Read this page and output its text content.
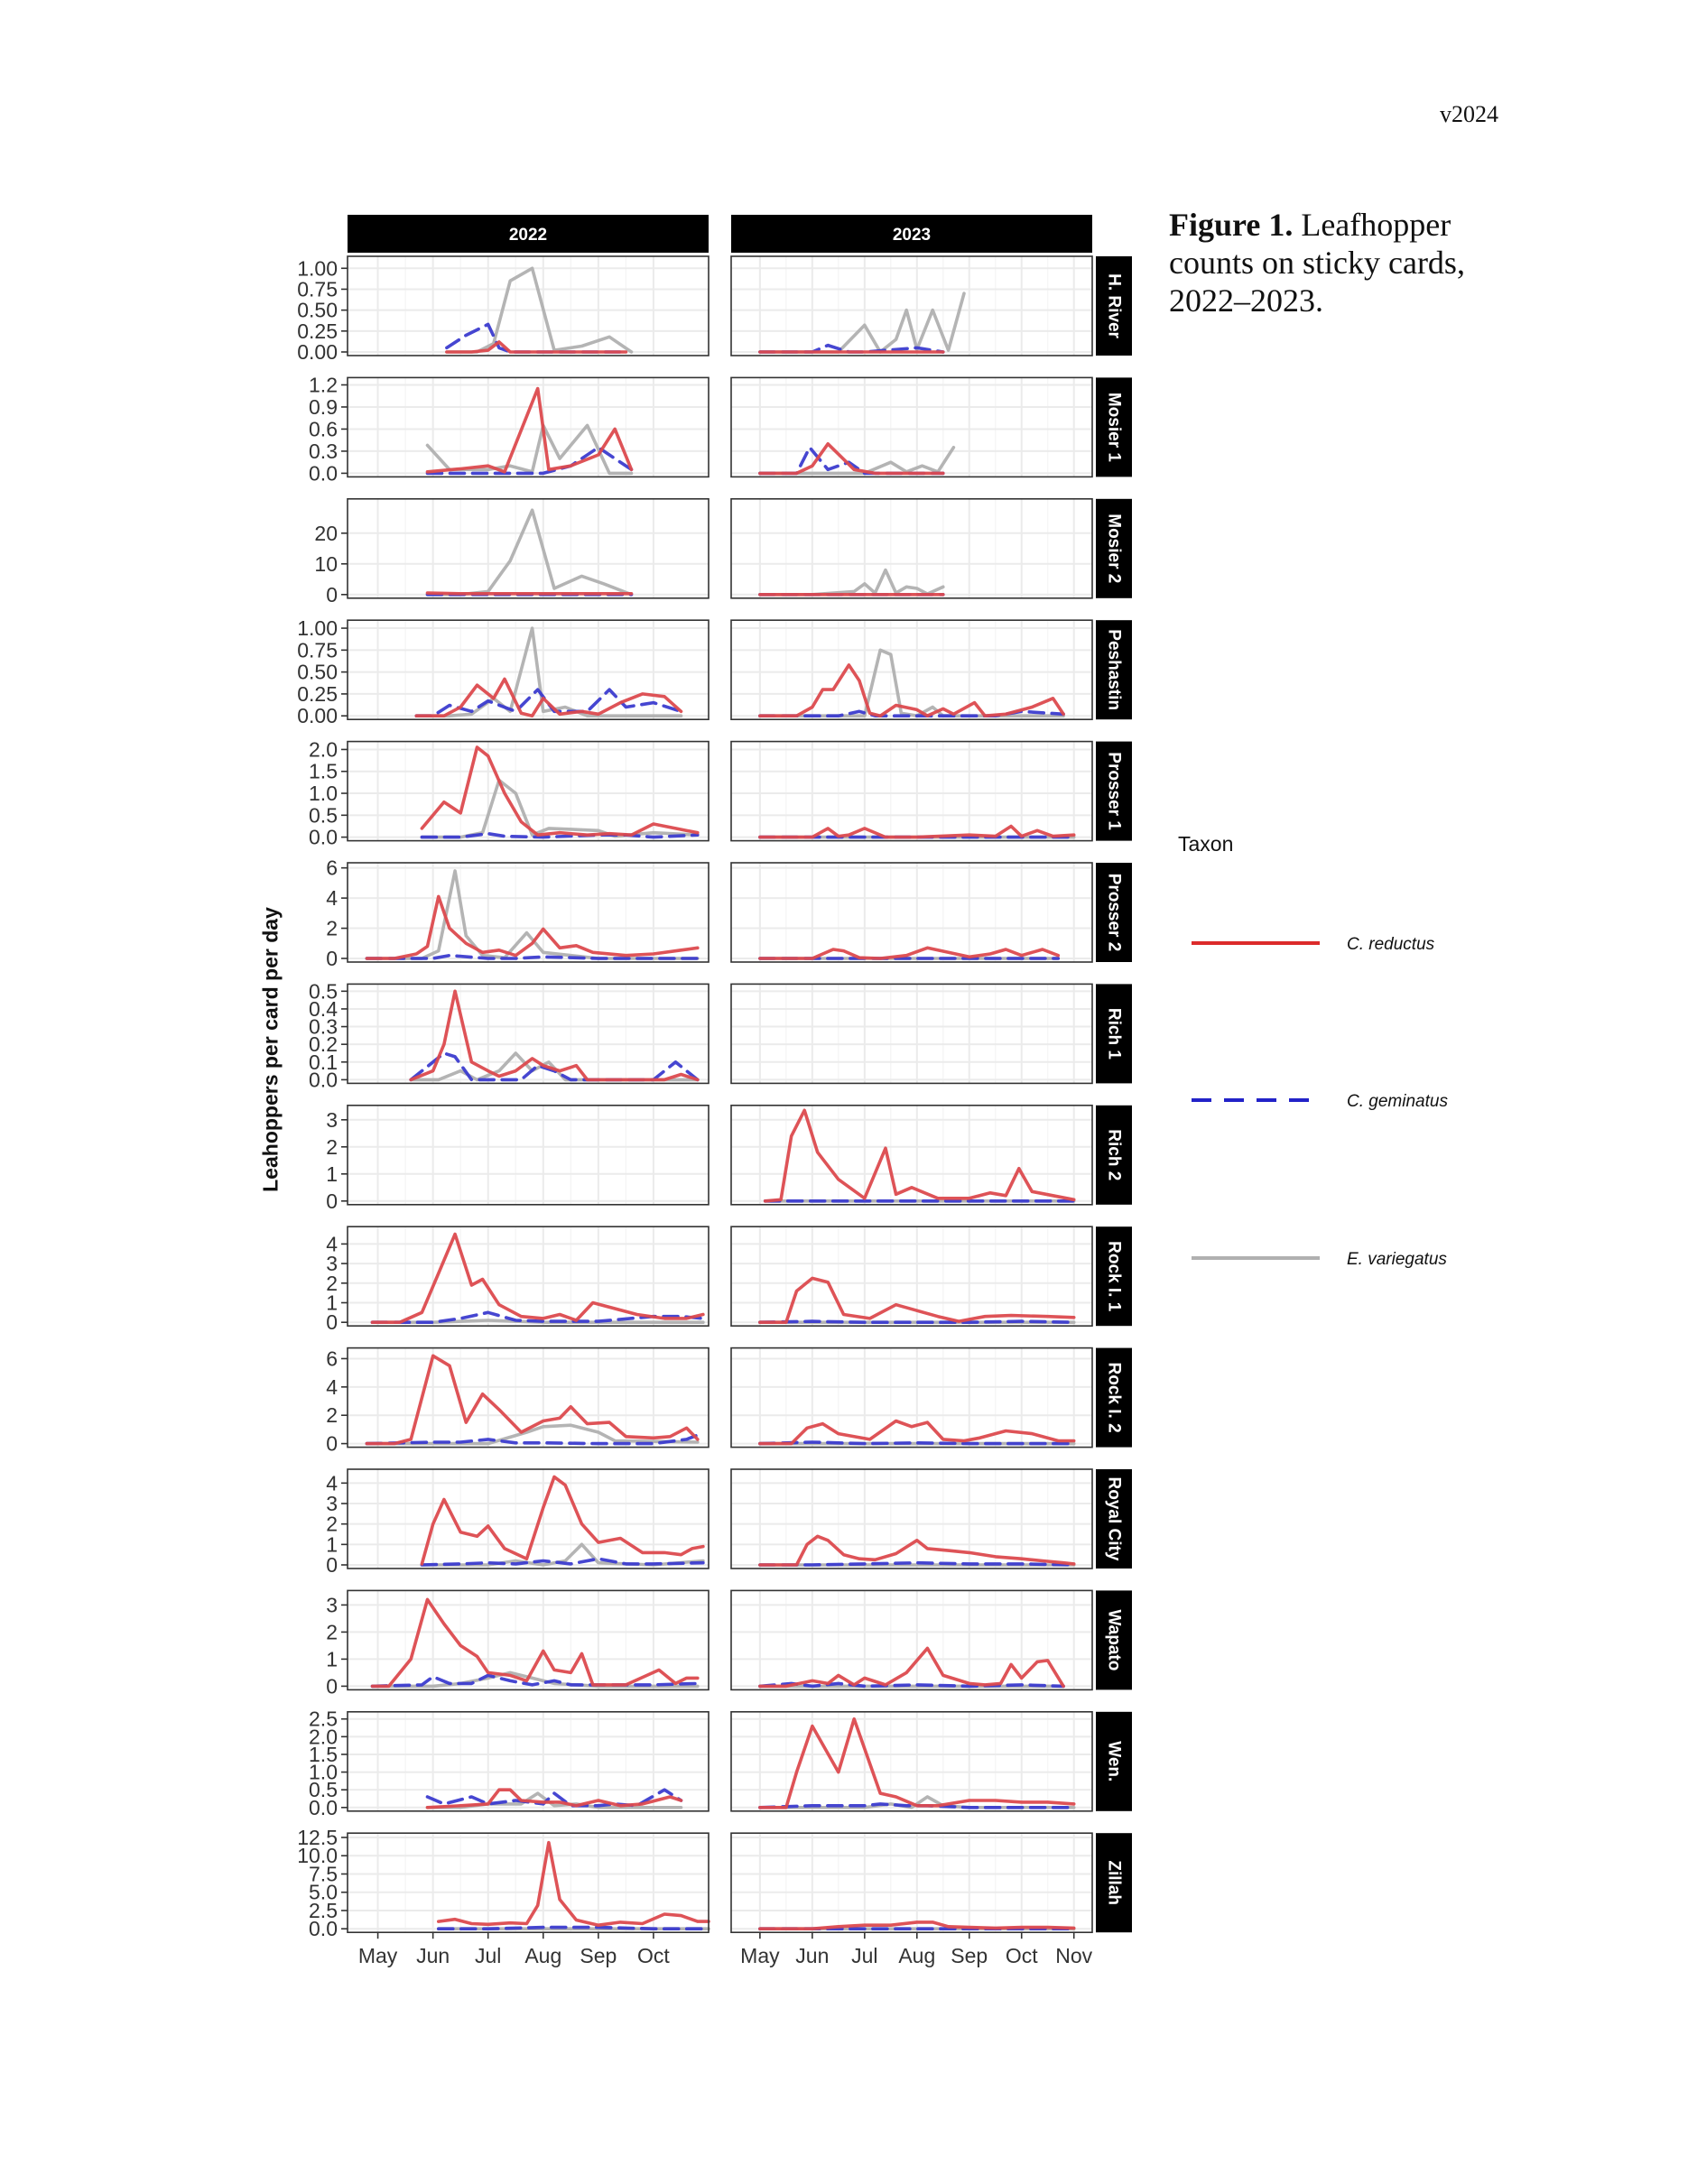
v2024
Figure 1. Leafhopper counts on sticky cards, 2022–2023.
Taxon
C. reductus
C. geminatus
E. variegatus
Leahoppers per card per day
2022	2023
0.00
0.25
0.50
0.75
1.00
H. River
0.0
0.3
0.6
0.9
1.2
Mosier 1
0
10
20	Mosier 2
0.00
0.25
0.50
0.75
1.00
Peshastin
0.0
0.5
1.0
1.5
2.0
Prosser 1
0
2
4
6
Prosser 2
0.0
0.1
0.2
0.3
0.4
0.5
Rich 1
0
1
2
3
Rich 2
0
1
2
3
4	Rock I. 1
0
2
4
6
Rock I. 2
0
1
2
3
4	Royal City
0
1
2
3
Wapato
0.0
0.5
1.0
1.5
2.0
2.5
Wen.
0.0
2.5
5.0
7.5
10.0
12.5
Zillah
May Jun Jul Aug Sep Oct	May Jun Jul Aug Sep Oct Nov
